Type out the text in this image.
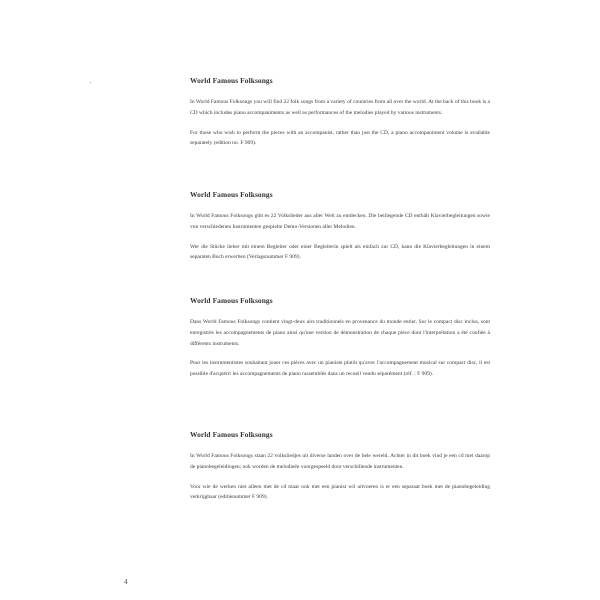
World Famous Folksongs

In World Famous Folksongs you will find 22 folk songs from a variety of countries from all over the world. At the back of this book is a CD which includes piano accompaniments as well as performances of the melodies played by various instruments.

For those who wish to perform the pieces with an accompanist, rather than just the CD, a piano accompaniment volume is available separately (edition no. F 909).

World Famous Folksongs

In World Famous Folksongs gibt es 22 Volkslieder aus aller Welt zu entdecken. Die beiliegende CD enthält Klavierbegleitungen sowie von verschiedenen Instrumenten gespielte Demo-Versionen aller Melodien.

Wer die Stücke lieber mit einem Begleiter oder einer Begleiterin spielt als einfach zur CD, kann die Klavierbegleitungen in einem separaten Buch erwerben (Verlagsnummer F 909).

World Famous Folksongs

Dans World Famous Folksongs contient vingt-deux airs traditionnels en provenance du monde entier. Sur le compact disc inclus, sont enregistrés les accompagnements de piano ainsi qu'une version de démonstration de chaque pièce dont l'interprétation a été confiée à différents instruments.

Pour les instrumentistes souhaitant jouer ces pièces avec un pianiste plutôt qu'avec l'accompagnement musical sur compact disc, il est possible d'acquérir les accompagnements de piano rassemblés dans un recueil vendu séparément (réf. : F 909).

World Famous Folksongs

In World Famous Folksongs staan 22 volksliedjes uit diverse landen over de hele wereld. Achter in dit boek vind je een cd met daarop de pianobegeleidingen; ook worden de melodieën voorgespeeld door verschillende instrumenten.

Voor wie de werken niet alleen met de cd maar ook met een pianist wil uitvoeren is er een separaat boek met de pianobegeleiding verkrijgbaar (editienummer F 909).

4
